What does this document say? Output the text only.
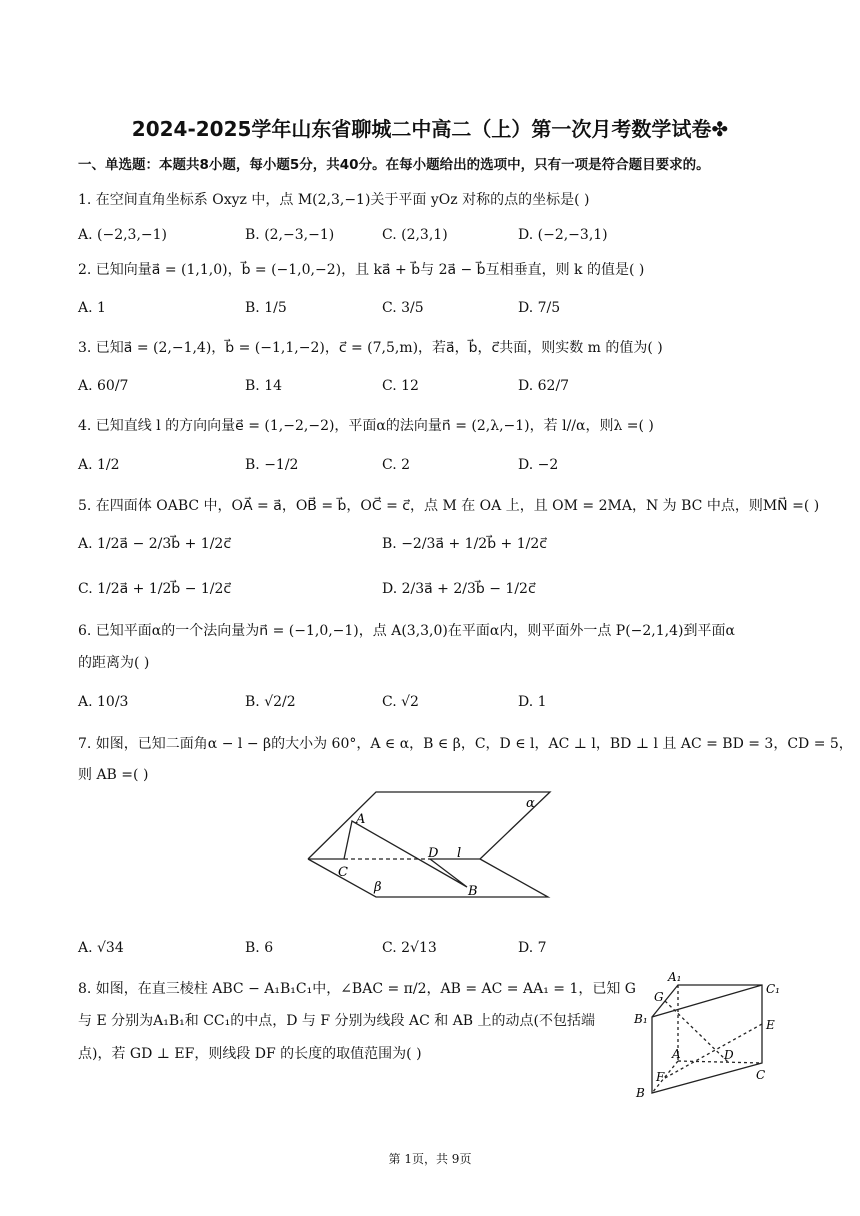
2024-2025学年山东省聊城二中高二（上）第一次月考数学试卷✤
一、单选题：本题共8小题，每小题5分，共40分。在每小题给出的选项中，只有一项是符合题目要求的。
1. 在空间直角坐标系 Oxyz 中，点 M(2,3,−1)关于平面 yOz 对称的点的坐标是( )
A. (−2,3,−1)	B. (2,−3,−1)	C. (2,3,1)	D. (−2,−3,1)
2. 已知向量a⃗ = (1,1,0)，b⃗ = (−1,0,−2)，且 ka⃗ + b⃗与 2a⃗ − b⃗互相垂直，则 k 的值是( )
A. 1	B. 1/5	C. 3/5	D. 7/5
3. 已知a⃗ = (2,−1,4)，b⃗ = (−1,1,−2)，c⃗ = (7,5,m)，若a⃗，b⃗，c⃗共面，则实数 m 的值为( )
A. 60/7	B. 14	C. 12	D. 62/7
4. 已知直线 l 的方向向量e⃗ = (1,−2,−2)，平面α的法向量n⃗ = (2,λ,−1)，若 l//α，则λ =( )
A. 1/2	B. −1/2	C. 2	D. −2
5. 在四面体 OABC 中，OA⃗ = a⃗，OB⃗ = b⃗，OC⃗ = c⃗，点 M 在 OA 上，且 OM = 2MA，N 为 BC 中点，则MN⃗ =( )
A. 1/2a⃗ − 2/3b⃗ + 1/2c⃗	B. −2/3a⃗ + 1/2b⃗ + 1/2c⃗
C. 1/2a⃗ + 1/2b⃗ − 1/2c⃗	D. 2/3a⃗ + 2/3b⃗ − 1/2c⃗
6. 已知平面α的一个法向量为n⃗ = (−1,0,−1)，点 A(3,3,0)在平面α内，则平面外一点 P(−2,1,4)到平面α
的距离为( )
A. 10/3	B. √2/2	C. √2	D. 1
7. 如图，已知二面角α − l − β的大小为 60°，A ∈ α，B ∈ β，C，D ∈ l，AC ⊥ l，BD ⊥ l 且 AC = BD = 3，CD = 5，
则 AB =( )
α
A
D l
C
β	B
A. √34	B. 6	C. 2√13	D. 7
8. 如图，在直三棱柱 ABC − A₁B₁C₁中，∠BAC = π/2，AB = AC = AA₁ = 1，已知 G
与 E 分别为A₁B₁和 CC₁的中点，D 与 F 分别为线段 AC 和 AB 上的动点(不包括端
点)，若 GD ⊥ EF，则线段 DF 的长度的取值范围为( )
A₁
G
C₁
B₁	E
A	D
F
B
C
第 1页，共 9页
